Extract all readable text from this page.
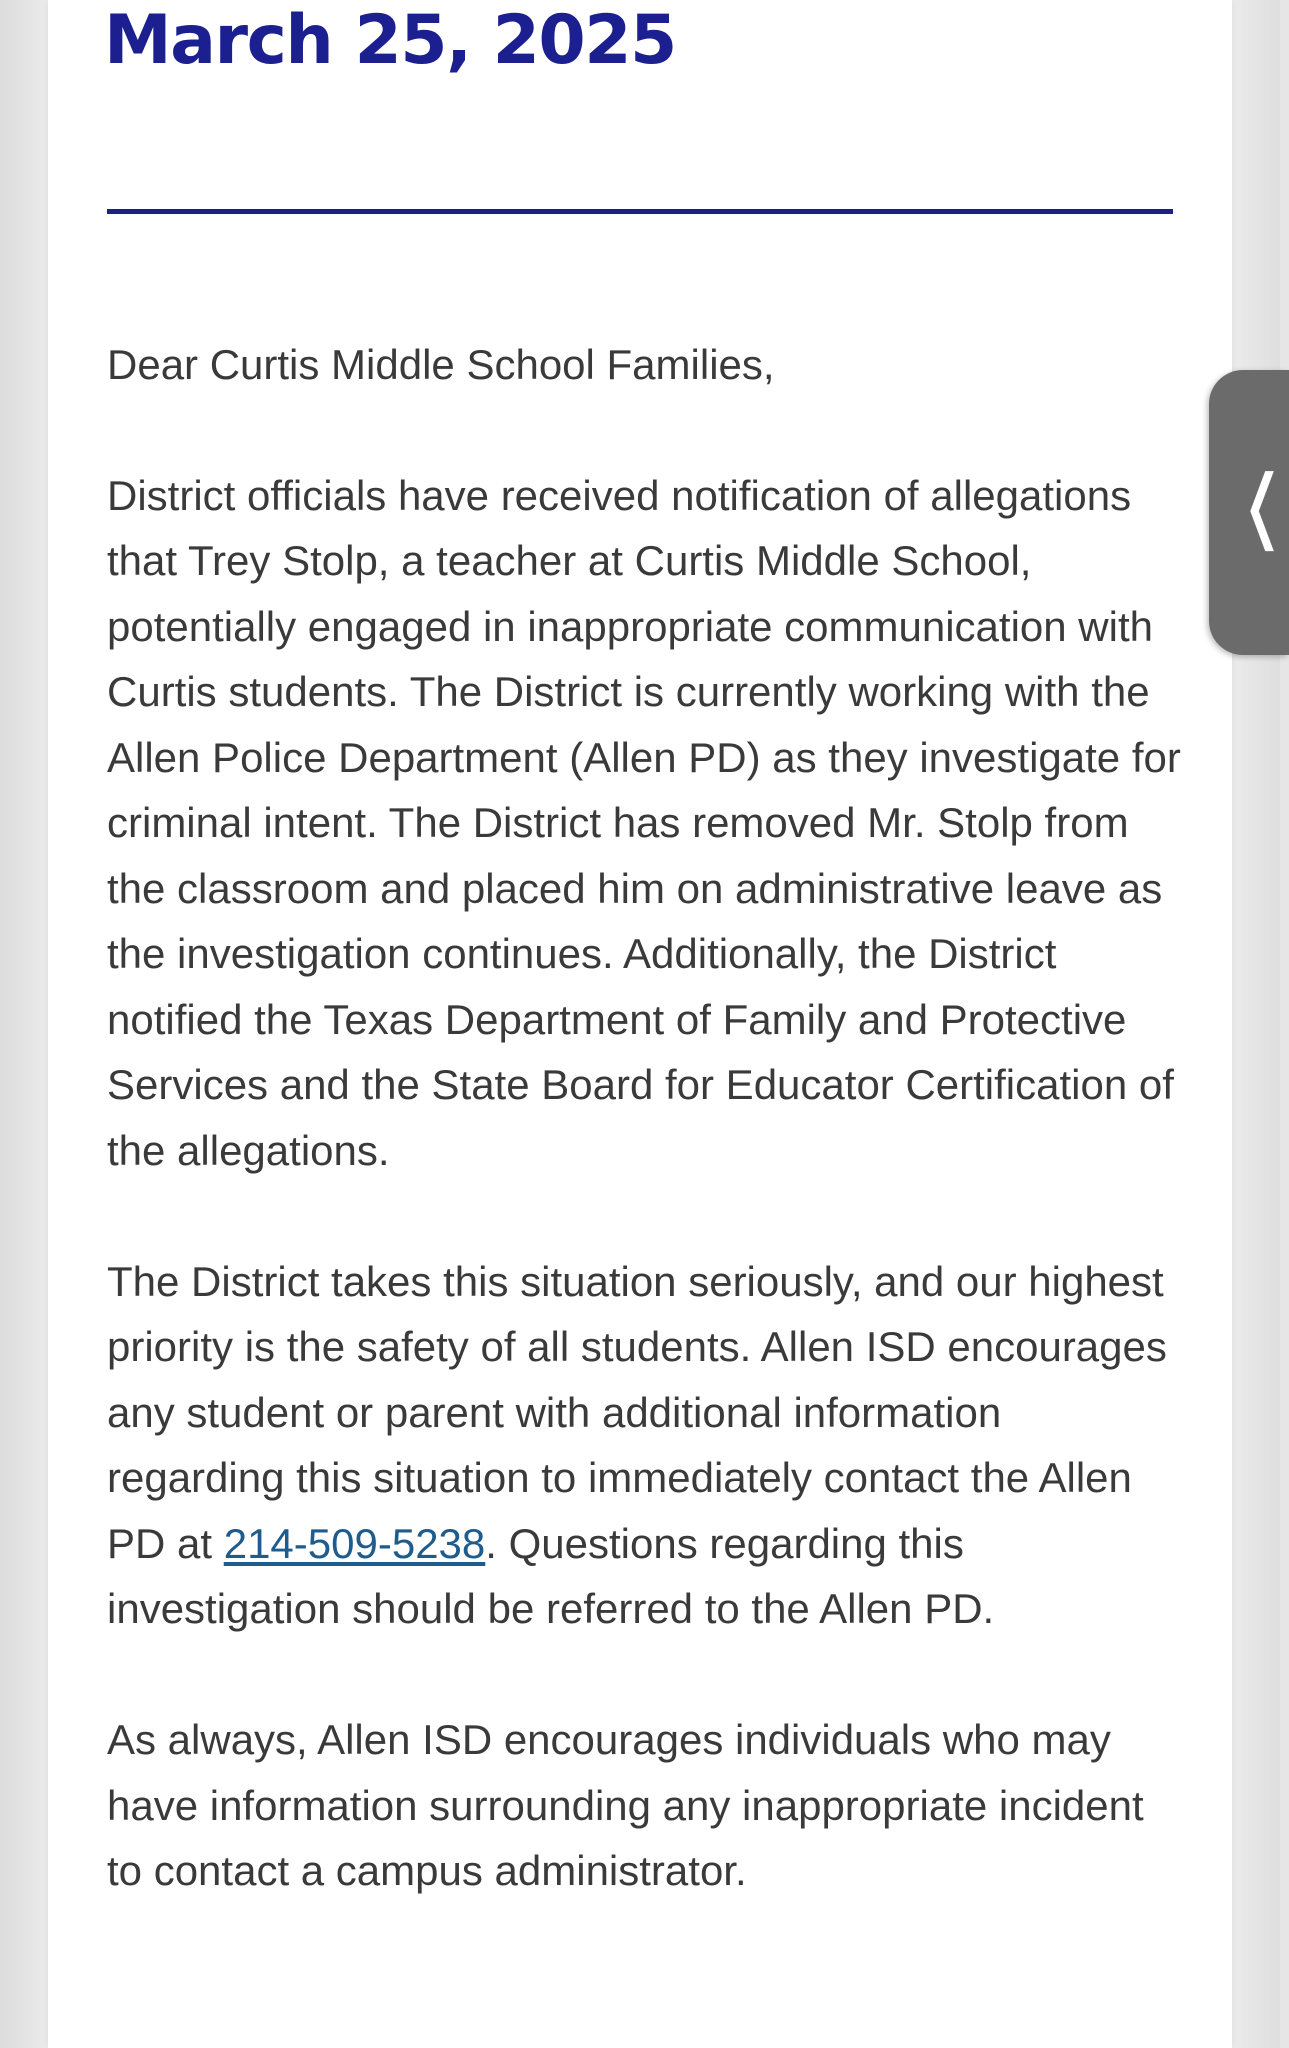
March 25, 2025

Dear Curtis Middle School Families,

District officials have received notification of allegations that Trey Stolp, a teacher at Curtis Middle School, potentially engaged in inappropriate communication with Curtis students. The District is currently working with the Allen Police Department (Allen PD) as they investigate for criminal intent. The District has removed Mr. Stolp from the classroom and placed him on administrative leave as the investigation continues. Additionally, the District notified the Texas Department of Family and Protective Services and the State Board for Educator Certification of the allegations.

The District takes this situation seriously, and our highest priority is the safety of all students. Allen ISD encourages any student or parent with additional information regarding this situation to immediately contact the Allen PD at 214-509-5238. Questions regarding this investigation should be referred to the Allen PD.

As always, Allen ISD encourages individuals who may have information surrounding any inappropriate incident to contact a campus administrator.

❬
